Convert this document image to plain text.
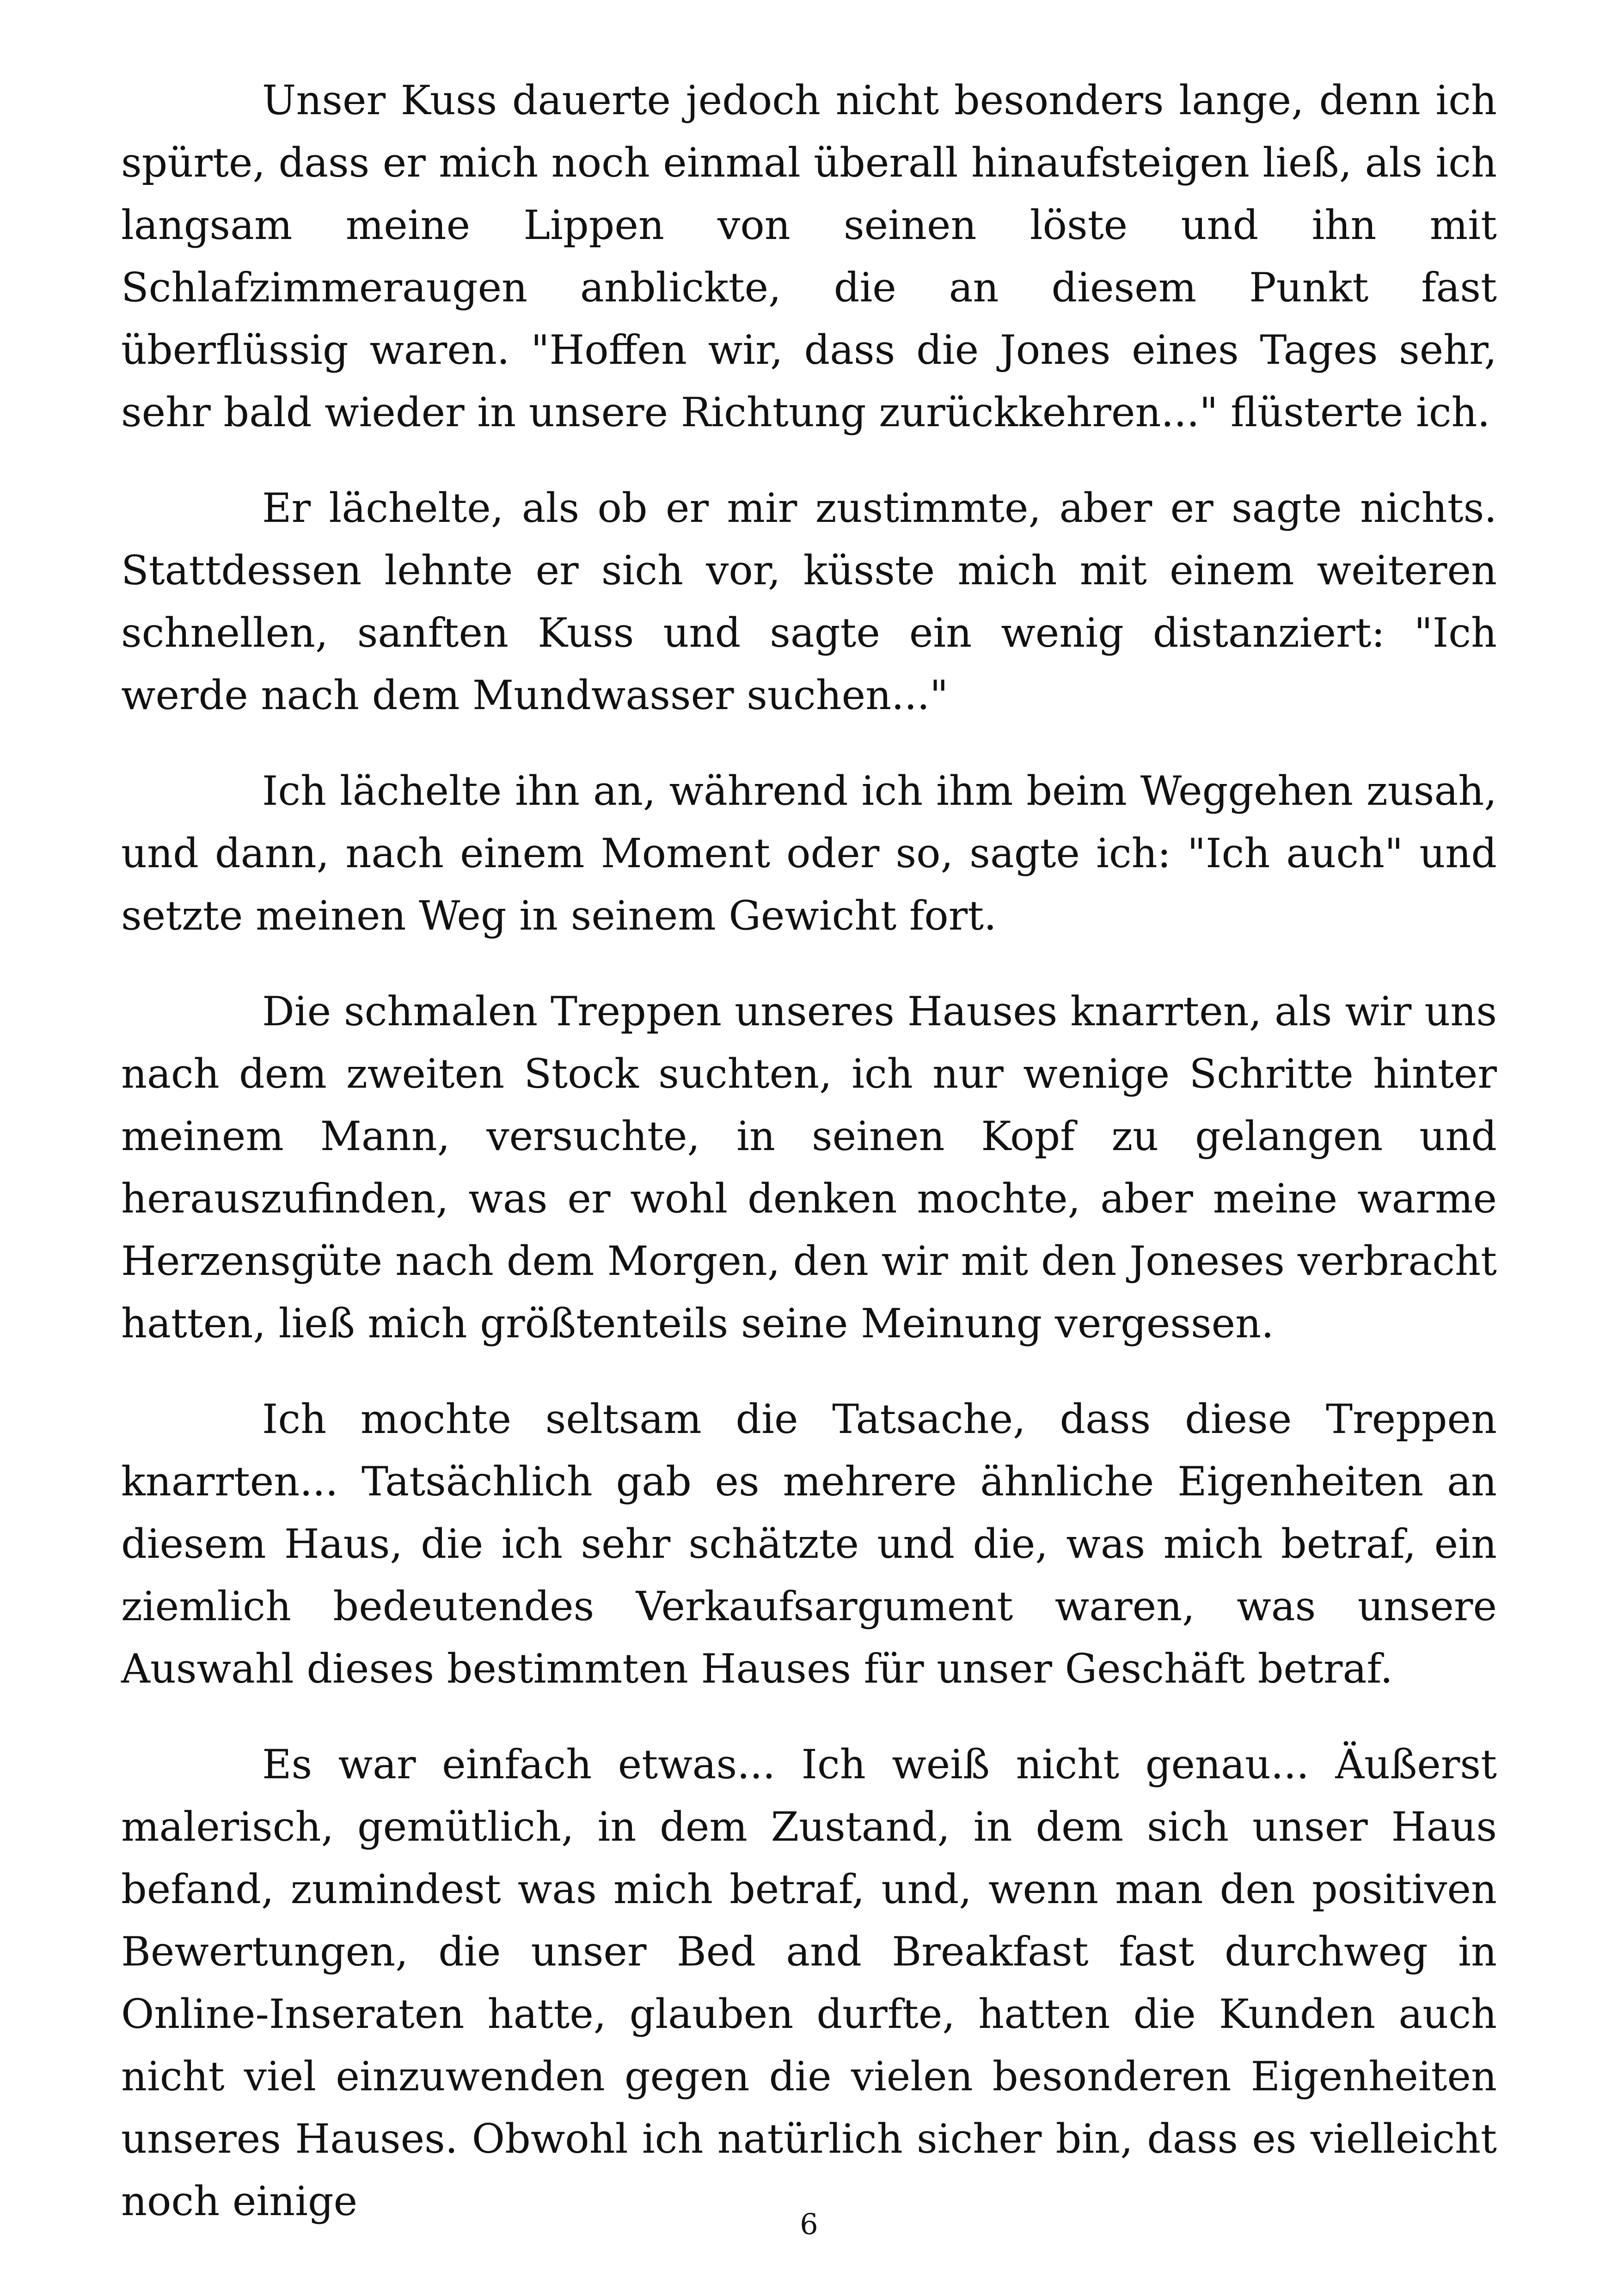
Unser Kuss dauerte jedoch nicht besonders lange, denn ich spürte, dass er mich noch einmal überall hinaufsteigen ließ, als ich langsam meine Lippen von seinen löste und ihn mit Schlafzimmeraugen anblickte, die an diesem Punkt fast überflüssig waren. "Hoffen wir, dass die Jones eines Tages sehr, sehr bald wieder in unsere Richtung zurückkehren..." flüsterte ich.

Er lächelte, als ob er mir zustimmte, aber er sagte nichts. Stattdessen lehnte er sich vor, küsste mich mit einem weiteren schnellen, sanften Kuss und sagte ein wenig distanziert: "Ich werde nach dem Mundwasser suchen..."

Ich lächelte ihn an, während ich ihm beim Weggehen zusah, und dann, nach einem Moment oder so, sagte ich: "Ich auch" und setzte meinen Weg in seinem Gewicht fort.

Die schmalen Treppen unseres Hauses knarrten, als wir uns nach dem zweiten Stock suchten, ich nur wenige Schritte hinter meinem Mann, versuchte, in seinen Kopf zu gelangen und herauszufinden, was er wohl denken mochte, aber meine warme Herzensgüte nach dem Morgen, den wir mit den Joneses verbracht hatten, ließ mich größtenteils seine Meinung vergessen.

Ich mochte seltsam die Tatsache, dass diese Treppen knarrten... Tatsächlich gab es mehrere ähnliche Eigenheiten an diesem Haus, die ich sehr schätzte und die, was mich betraf, ein ziemlich bedeutendes Verkaufsargument waren, was unsere Auswahl dieses bestimmten Hauses für unser Geschäft betraf.

Es war einfach etwas... Ich weiß nicht genau... Äußerst malerisch, gemütlich, in dem Zustand, in dem sich unser Haus befand, zumindest was mich betraf, und, wenn man den positiven Bewertungen, die unser Bed and Breakfast fast durchweg in Online-Inseraten hatte, glauben durfte, hatten die Kunden auch nicht viel einzuwenden gegen die vielen besonderen Eigenheiten unseres Hauses. Obwohl ich natürlich sicher bin, dass es vielleicht noch einige	6
